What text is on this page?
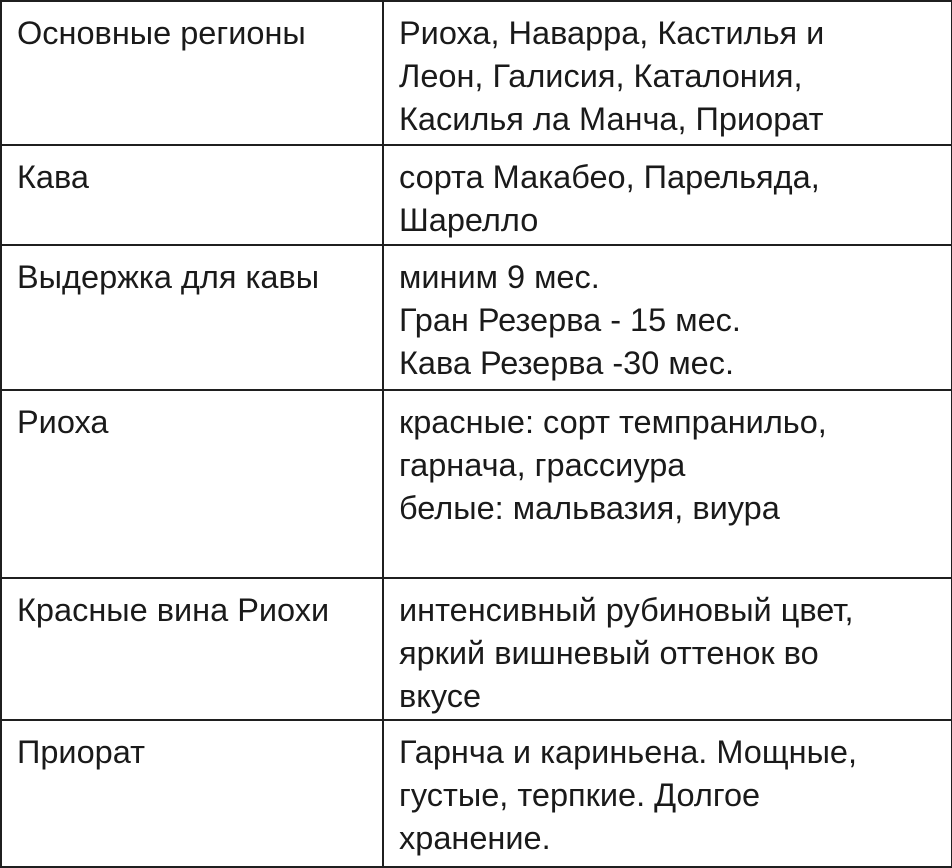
Основные регионы	Риоха, Наварра, Кастилья и
Леон, Галисия, Каталония,
Касилья ла Манча, Приорат
Кава	сорта Макабео, Парельяда,
Шарелло
Выдержка для кавы	миним 9 мес.
Гран Резерва - 15 мес.
Кава Резерва -30 мес.
Риоха	красные: сорт темпранильо,
гарнача, грассиура
белые: мальвазия, виура
Красные вина Риохи	интенсивный рубиновый цвет,
яркий вишневый оттенок во
вкусе
Приорат	Гарнча и кариньена. Мощные,
густые, терпкие. Долгое
хранение.
